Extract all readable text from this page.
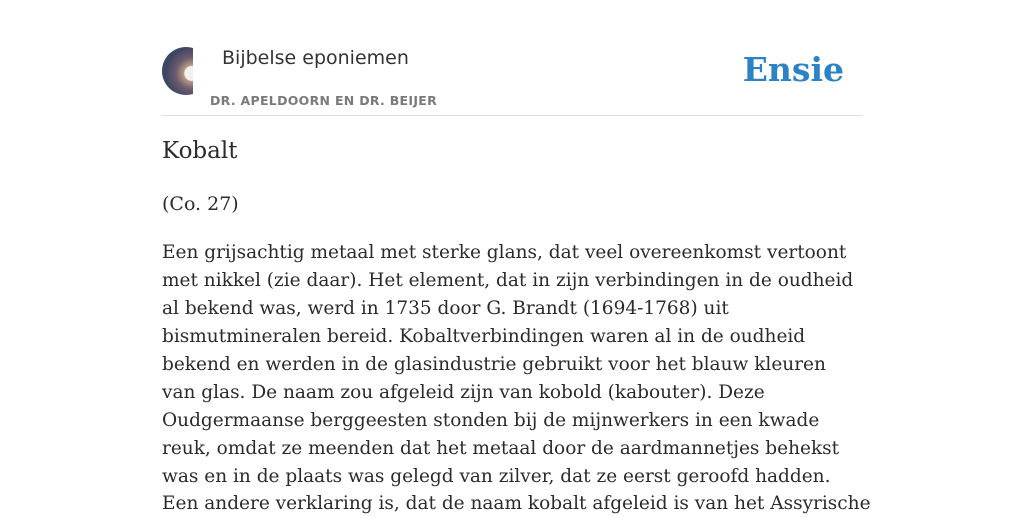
Bijbelse eponiemen
DR. APELDOORN EN DR. BEIJER
Ensie
Kobalt

(Co. 27)

Een grijsachtig metaal met sterke glans, dat veel overeenkomst vertoont met nikkel (zie daar). Het element, dat in zijn verbindingen in de oudheid al bekend was, werd in 1735 door G. Brandt (1694-1768) uit bismutmineralen bereid. Kobaltverbindingen waren al in de oudheid bekend en werden in de glasindustrie gebruikt voor het blauw kleuren van glas. De naam zou afgeleid zijn van kobold (kabouter). Deze Oudgermaanse berggeesten stonden bij de mijnwerkers in een kwade reuk, omdat ze meenden dat het metaal door de aardmannetjes behekst was en in de plaats was gelegd van zilver, dat ze eerst geroofd hadden.

Een andere verklaring is, dat de naam kobalt afgeleid is van het Assyrische
